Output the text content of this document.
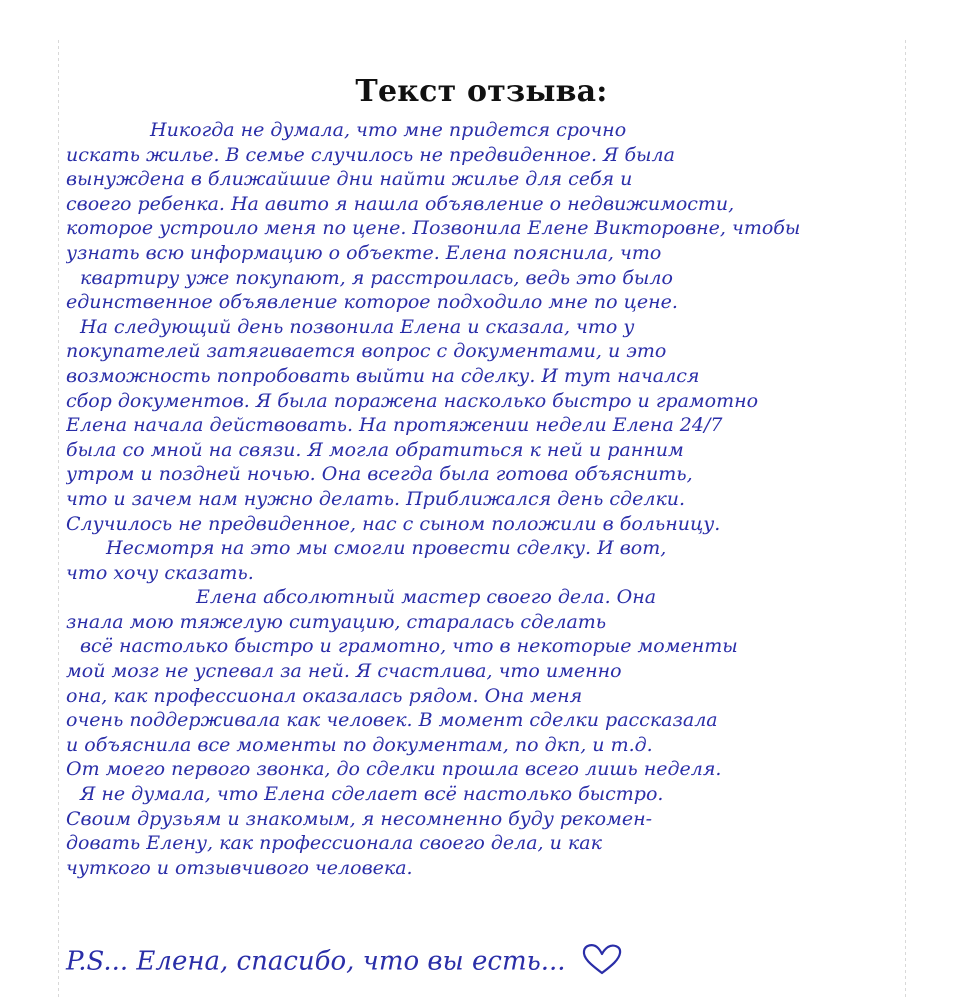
Текст отзыва:
Никогда не думала, что мне придется срочно
искать жилье. В семье случилось не предвиденное. Я была
вынуждена в ближайшие дни найти жилье для себя и
своего ребенка. На авито я нашла объявление о недвижимости,
которое устроило меня по цене. Позвонила Елене Викторовне, чтобы
узнать всю информацию о объекте. Елена пояснила, что
квартиру уже покупают, я расстроилась, ведь это было
единственное объявление которое подходило мне по цене.
На следующий день позвонила Елена и сказала, что у
покупателей затягивается вопрос с документами, и это
возможность попробовать выйти на сделку. И тут начался
сбор документов. Я была поражена насколько быстро и грамотно
Елена начала действовать. На протяжении недели Елена 24/7
была со мной на связи. Я могла обратиться к ней и ранним
утром и поздней ночью. Она всегда была готова объяснить,
что и зачем нам нужно делать. Приближался день сделки.
Случилось не предвиденное, нас с сыном положили в больницу.
Несмотря на это мы смогли провести сделку. И вот,
что хочу сказать.
Елена абсолютный мастер своего дела. Она
знала мою тяжелую ситуацию, старалась сделать
всё настолько быстро и грамотно, что в некоторые моменты
мой мозг не успевал за ней. Я счастлива, что именно
она, как профессионал оказалась рядом. Она меня
очень поддерживала как человек. В момент сделки рассказала
и объяснила все моменты по документам, по дкп, и т.д.
От моего первого звонка, до сделки прошла всего лишь неделя.
Я не думала, что Елена сделает всё настолько быстро.
Своим друзьям и знакомым, я несомненно буду рекомен-
довать Елену, как профессионала своего дела, и как
чуткого и отзывчивого человека.
P.S... Елена, спасибо, что вы есть...
